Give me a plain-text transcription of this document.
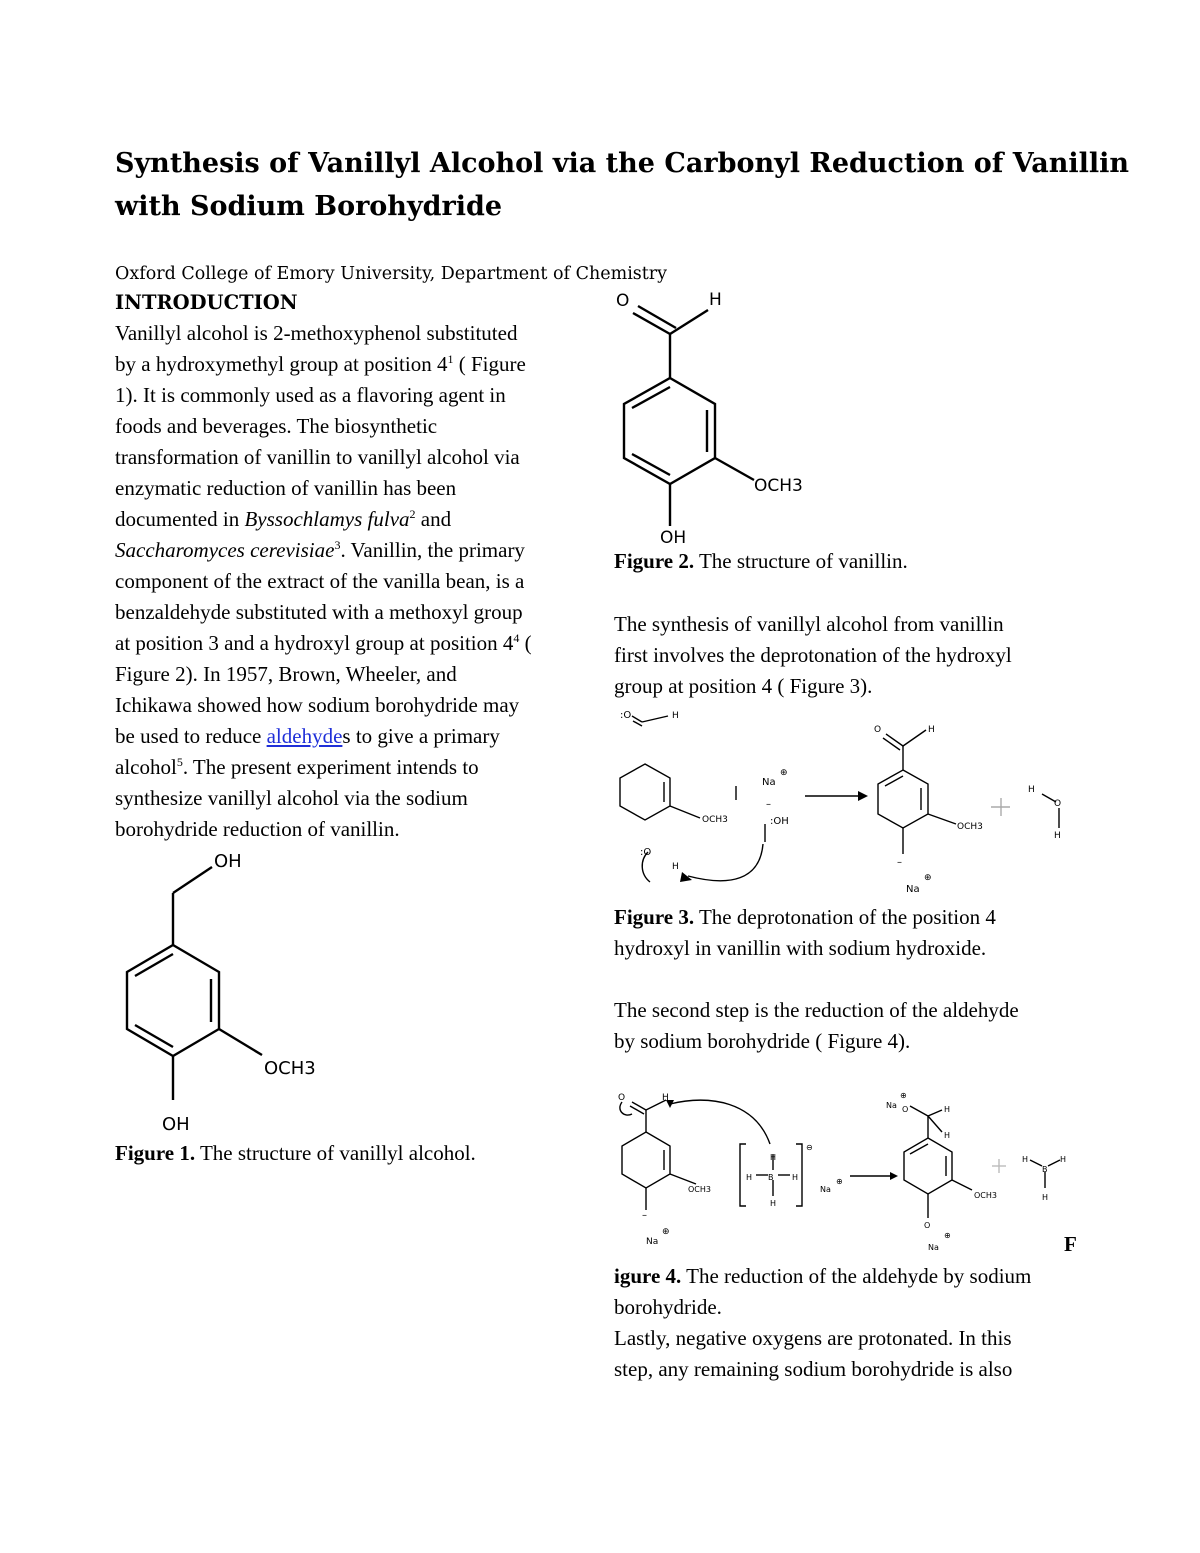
Synthesis of Vanillyl Alcohol via the Carbonyl Reduction of Vanillin
with Sodium Borohydride
Oxford College of Emory University, Department of Chemistry
INTRODUCTION
Vanillyl alcohol is 2-methoxyphenol substituted
by a hydroxymethyl group at position $4^1$ ( Figure
1). It is commonly used as a flavoring agent in
foods and beverages. The biosynthetic
transformation of vanillin to vanillyl alcohol via
enzymatic reduction of vanillin has been
documented in Byssochlamys fulva$^2$ and
Saccharomyces cerevisiae$^3$. Vanillin, the primary
component of the extract of the vanilla bean, is a
benzaldehyde substituted with a methoxyl group
at position 3 and a hydroxyl group at position $4^4$ (
Figure 2). In 1957, Brown, Wheeler, and
Ichikawa showed how sodium borohydride may
be used to reduce aldehydes to give a primary
alcohol$^5$. The present experiment intends to
synthesize vanillyl alcohol via the sodium
borohydride reduction of vanillin.
OH
OCH3
OH
Figure 1. The structure of vanillyl alcohol.
O	H
OCH3
OH
Figure 2. The structure of vanillin.
The synthesis of vanillyl alcohol from vanillin
first involves the deprotonation of the hydroxyl
group at position 4 ( Figure 3).
:O	H
OCH3
Na
⊕
–
:OH
:O
H
O	H
OCH3
–
Na
⊕
H
O
H
Figure 3. The deprotonation of the position 4
hydroxyl in vanillin with sodium hydroxide.
The second step is the reduction of the aldehyde
by sodium borohydride ( Figure 4).
O	H
OCH3
–
Na
⊕
H
H B H
H
⊖
Na
⊕
Na
⊕
O	H
H
OCH3
O
Na
⊕
H
B
H
H
F
igure 4. The reduction of the aldehyde by sodium
borohydride.
Lastly, negative oxygens are protonated. In this
step, any remaining sodium borohydride is also
